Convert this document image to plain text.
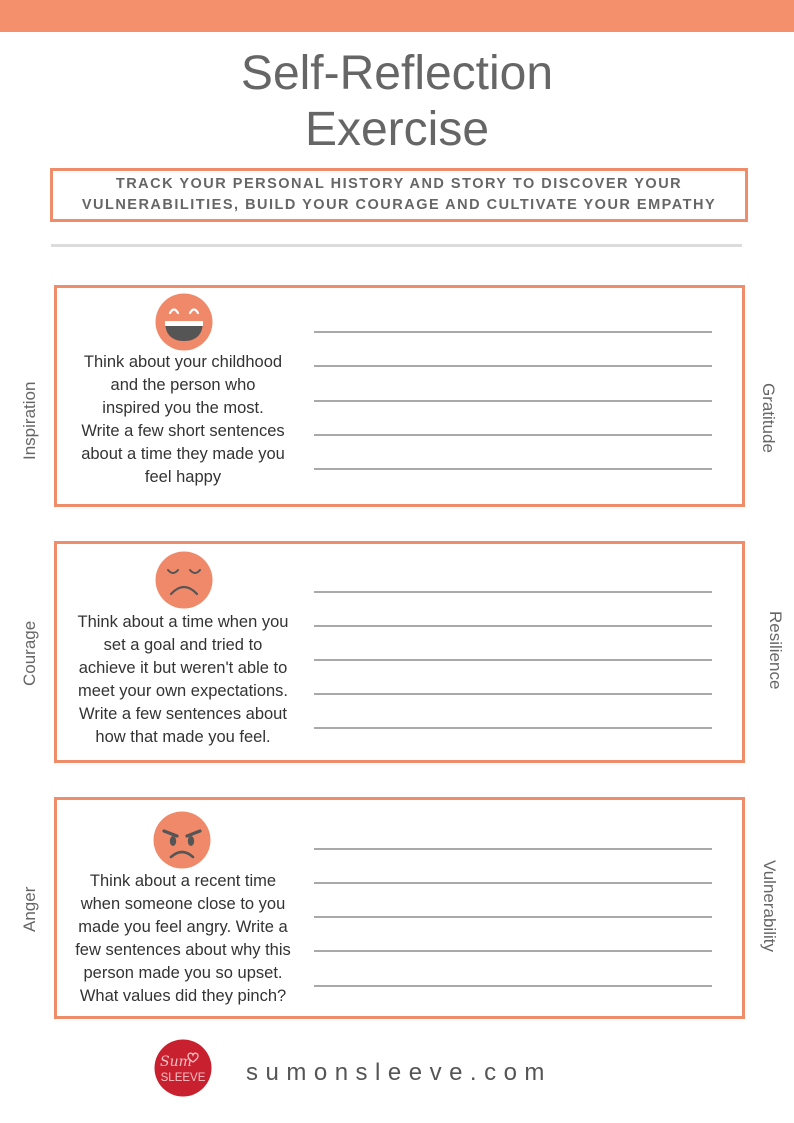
Self-Reflection
Exercise
TRACK YOUR PERSONAL HISTORY AND STORY TO DISCOVER YOUR
VULNERABILITIES, BUILD YOUR COURAGE AND CULTIVATE YOUR EMPATHY
Think about your childhood
and the person who
inspired you the most.
Write a few short sentences
about a time they made you
feel happy
Inspiration	Gratitude
Think about a time when you
set a goal and tried to
achieve it but weren't able to
meet your own expectations.
Write a few sentences about
how that made you feel.
Courage	Resilience
Think about a recent time
when someone close to you
made you feel angry. Write a
few sentences about why this
person made you so upset.
What values did they pinch?
Anger	Vulnerability
Sum
SLEEVE sumonsleeve.com
